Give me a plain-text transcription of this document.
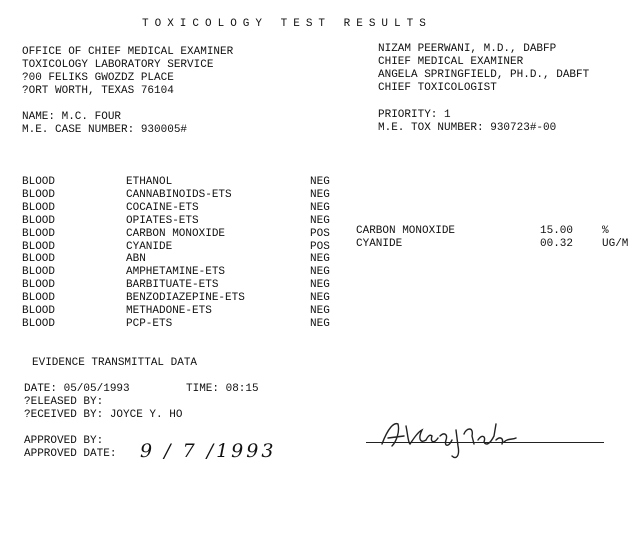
TOXICOLOGY TEST RESULTS
OFFICE OF CHIEF MEDICAL EXAMINER
TOXICOLOGY LABORATORY SERVICE
?00 FELIKS GWOZDZ PLACE
?ORT WORTH, TEXAS 76104
NIZAM PEERWANI, M.D., DABFP
CHIEF MEDICAL EXAMINER
ANGELA SPRINGFIELD, PH.D., DABFT
CHIEF TOXICOLOGIST
NAME: M.C. FOUR
M.E. CASE NUMBER: 930005#
PRIORITY: 1
M.E. TOX NUMBER: 930723#-00
BLOOD	ETHANOL	NEG
BLOOD	CANNABINOIDS-ETS	NEG
BLOOD	COCAINE-ETS	NEG
BLOOD	OPIATES-ETS	NEG
BLOOD	CARBON MONOXIDE	POS
BLOOD	CYANIDE	POS
BLOOD	ABN	NEG
BLOOD	AMPHETAMINE-ETS	NEG
BLOOD	BARBITUATE-ETS	NEG
BLOOD	BENZODIAZEPINE-ETS	NEG
BLOOD	METHADONE-ETS	NEG
BLOOD	PCP-ETS	NEG
CARBON MONOXIDE	15.00	%
CYANIDE	00.32	UG/M
EVIDENCE TRANSMITTAL DATA
DATE: 05/05/1993	TIME: 08:15
?ELEASED BY:
?ECEIVED BY: JOYCE Y. HO
APPROVED BY:
APPROVED DATE: 9 / 7 /1993
